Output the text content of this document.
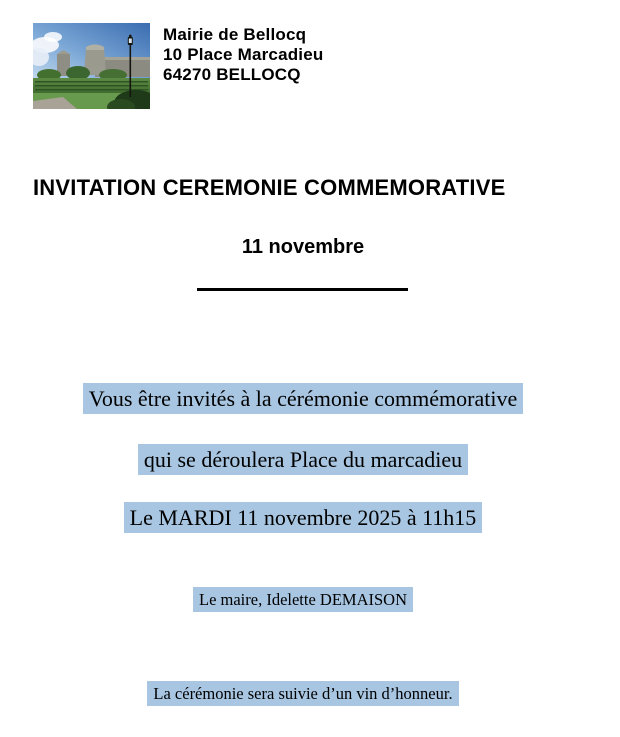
Mairie de Bellocq
10 Place Marcadieu
64270 BELLOCQ
INVITATION CEREMONIE COMMEMORATIVE
11 novembre

Vous être invités à la cérémonie commémorative

qui se déroulera Place du marcadieu

Le MARDI 11 novembre 2025 à 11h15

Le maire, Idelette DEMAISON

La cérémonie sera suivie d’un vin d’honneur.
